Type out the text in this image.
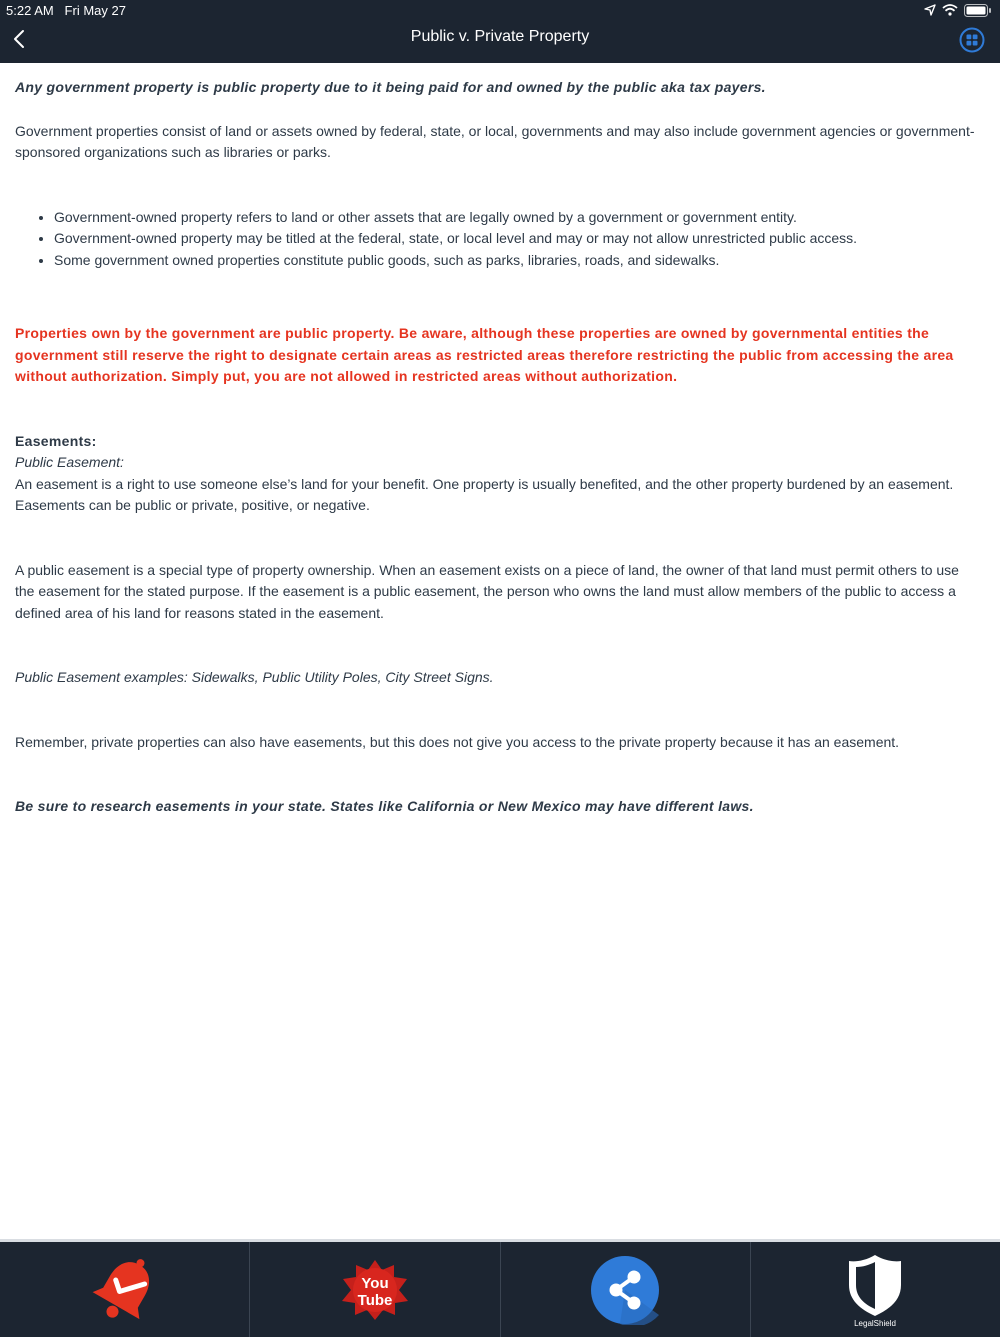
5:22 AM Fri May 27
Public v. Private Property

Any government property is public property due to it being paid for and owned by the public aka tax payers.

Government properties consist of land or assets owned by federal, state, or local, governments and may also include government agencies or government-sponsored organizations such as libraries or parks.

• Government-owned property refers to land or other assets that are legally owned by a government or government entity.
• Government-owned property may be titled at the federal, state, or local level and may or may not allow unrestricted public access.
• Some government owned properties constitute public goods, such as parks, libraries, roads, and sidewalks.

Properties own by the government are public property. Be aware, although these properties are owned by governmental entities the government still reserve the right to designate certain areas as restricted areas therefore restricting the public from accessing the area without authorization. Simply put, you are not allowed in restricted areas without authorization.

Easements:

Public Easement:

An easement is a right to use someone else’s land for your benefit. One property is usually benefited, and the other property burdened by an easement. Easements can be public or private, positive, or negative.

A public easement is a special type of property ownership. When an easement exists on a piece of land, the owner of that land must permit others to use the easement for the stated purpose. If the easement is a public easement, the person who owns the land must allow members of the public to access a defined area of his land for reasons stated in the easement.

Public Easement examples: Sidewalks, Public Utility Poles, City Street Signs.

Remember, private properties can also have easements, but this does not give you access to the private property because it has an easement.

Be sure to research easements in your state. States like California or New Mexico may have different laws.

You
Tube
LegalShield
